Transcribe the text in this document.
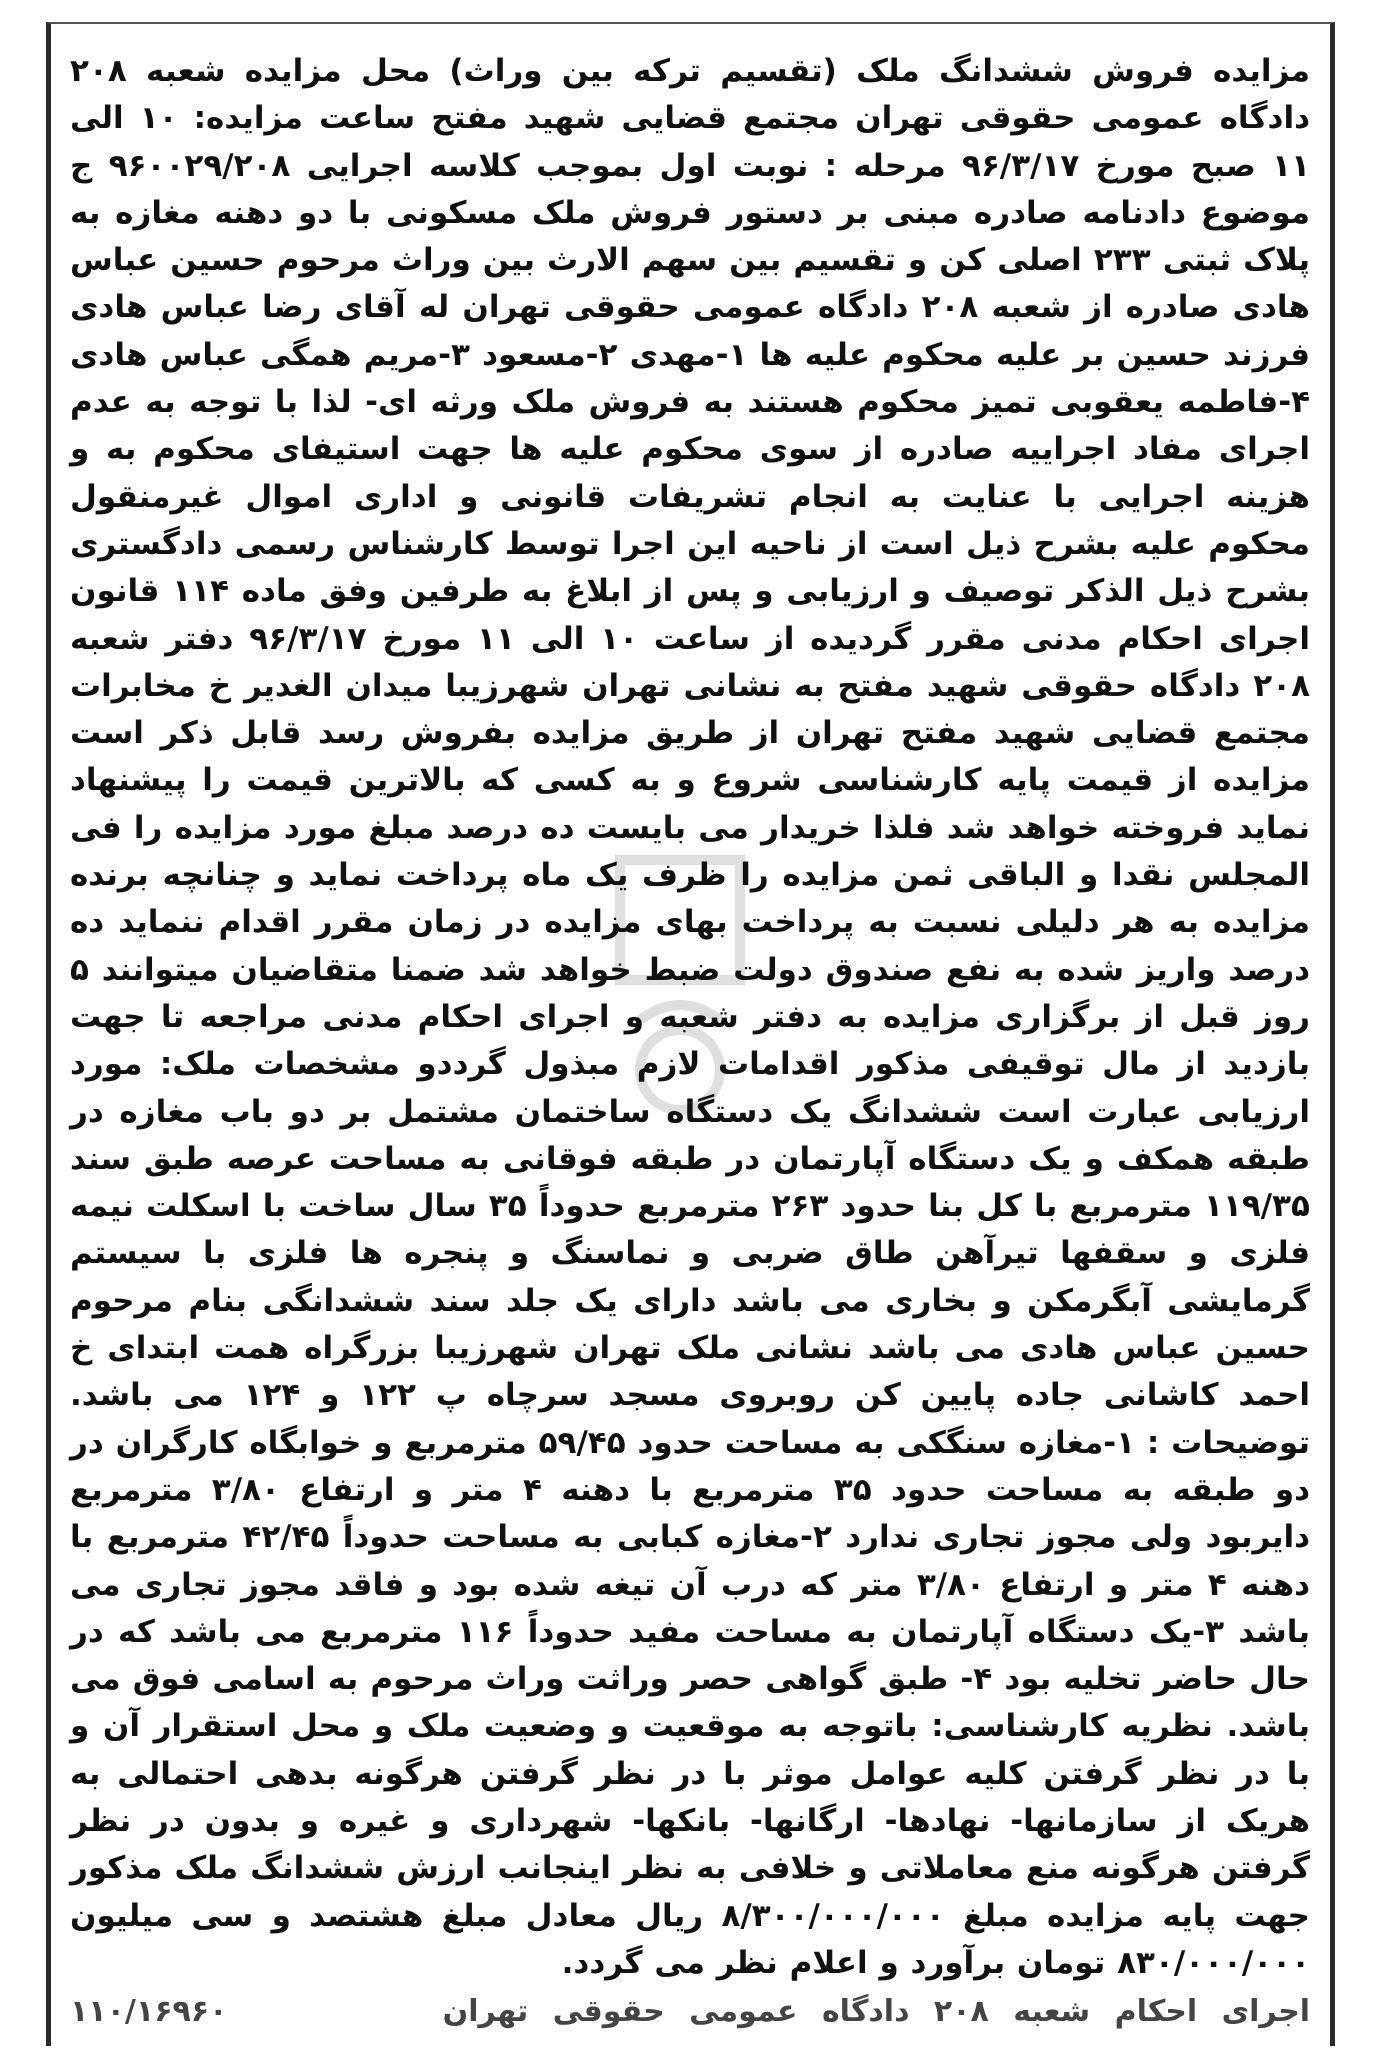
مزایده فروش ششدانگ ملک (تقسیم ترکه بین وراث) محل مزایده شعبه ۲۰۸ دادگاه عمومی حقوقی تهران مجتمع قضایی شهید مفتح ساعت مزایده: ۱۰ الی ۱۱ صبح مورخ ۹۶/۳/۱۷ مرحله : نوبت اول بموجب کلاسه اجرایی ۹۶۰۰۲۹/۲۰۸ ج موضوع دادنامه صادره مبنی بر دستور فروش ملک مسکونی با دو دهنه مغازه به پلاک ثبتی ۲۳۳ اصلی کن و تقسیم بین سهم الارث بین وراث مرحوم حسین عباس هادی صادره از شعبه ۲۰۸ دادگاه عمومی حقوقی تهران له آقای رضا عباس هادی فرزند حسین بر علیه محکوم علیه ها ۱-مهدی ۲-مسعود ۳-مریم همگی عباس هادی ۴-فاطمه یعقوبی تمیز محکوم هستند به فروش ملک ورثه ای- لذا با توجه به عدم اجرای مفاد اجراییه صادره از سوی محکوم علیه ها جهت استیفای محکوم به و هزینه اجرایی با عنایت به انجام تشریفات قانونی و اداری اموال غیرمنقول محکوم علیه بشرح ذیل است از ناحیه این اجرا توسط کارشناس رسمی دادگستری بشرح ذیل الذکر توصیف و ارزیابی و پس از ابلاغ به طرفین وفق ماده ۱۱۴ قانون اجرای احکام مدنی مقرر گردیده از ساعت ۱۰ الی ۱۱ مورخ ۹۶/۳/۱۷ دفتر شعبه ۲۰۸ دادگاه حقوقی شهید مفتح به نشانی تهران شهرزیبا میدان الغدیر خ مخابرات مجتمع قضایی شهید مفتح تهران از طریق مزایده بفروش رسد قابل ذکر است مزایده از قیمت پایه کارشناسی شروع و به کسی که بالاترین قیمت را پیشنهاد نماید فروخته خواهد شد فلذا خریدار می بایست ده درصد مبلغ مورد مزایده را فی المجلس نقدا و الباقی ثمن مزایده را ظرف یک ماه پرداخت نماید و چنانچه برنده مزایده به هر دلیلی نسبت به پرداخت بهای مزایده در زمان مقرر اقدام ننماید ده درصد واریز شده به نفع صندوق دولت ضبط خواهد شد ضمنا متقاضیان میتوانند ۵ روز قبل از برگزاری مزایده به دفتر شعبه و اجرای احکام مدنی مراجعه تا جهت بازدید از مال توقیفی مذکور اقدامات لازم مبذول گرددو مشخصات ملک: مورد ارزیابی عبارت است ششدانگ یک دستگاه ساختمان مشتمل بر دو باب مغازه در طبقه همکف و یک دستگاه آپارتمان در طبقه فوقانی به مساحت عرصه طبق سند ۱۱۹/۳۵ مترمربع با کل بنا حدود ۲۶۳ مترمربع حدوداً ۳۵ سال ساخت با اسکلت نیمه فلزی و سقفها تیرآهن طاق ضربی و نماسنگ و پنجره ها فلزی با سیستم گرمایشی آبگرمکن و بخاری می باشد دارای یک جلد سند ششدانگی بنام مرحوم حسین عباس هادی می باشد نشانی ملک تهران شهرزیبا بزرگراه همت ابتدای خ احمد کاشانی جاده پایین کن روبروی مسجد سرچاه پ ۱۲۲ و ۱۲۴ می باشد. توضیحات : ۱-مغازه سنگکی به مساحت حدود ۵۹/۴۵ مترمربع و خوابگاه کارگران در دو طبقه به مساحت حدود ۳۵ مترمربع با دهنه ۴ متر و ارتفاع ۳/۸۰ مترمربع دایربود ولی مجوز تجاری ندارد ۲-مغازه کبابی به مساحت حدوداً ۴۲/۴۵ مترمربع با دهنه ۴ متر و ارتفاع ۳/۸۰ متر که درب آن تیغه شده بود و فاقد مجوز تجاری می باشد ۳-یک دستگاه آپارتمان به مساحت مفید حدوداً ۱۱۶ مترمربع می باشد که در حال حاضر تخلیه بود ۴- طبق گواهی حصر وراثت وراث مرحوم به اسامی فوق می باشد. نظریه کارشناسی: باتوجه به موقعیت و وضعیت ملک و محل استقرار آن و با در نظر گرفتن کلیه عوامل موثر با در نظر گرفتن هرگونه بدهی احتمالی به هریک از سازمانها- نهادها- ارگانها- بانکها- شهرداری و غیره و بدون در نظر گرفتن هرگونه منع معاملاتی و خلافی به نظر اینجانب ارزش ششدانگ ملک مذکور جهت پایه مزایده مبلغ ۸/۳۰۰/۰۰۰/۰۰۰ ریال معادل مبلغ هشتصد و سی میلیون ۸۳۰/۰۰۰/۰۰۰ تومان برآورد و اعلام نظر می گردد.

اجرای احکام شعبه ۲۰۸ دادگاه عمومی حقوقی تهران
۱۱۰/۱۶۹۶۰
